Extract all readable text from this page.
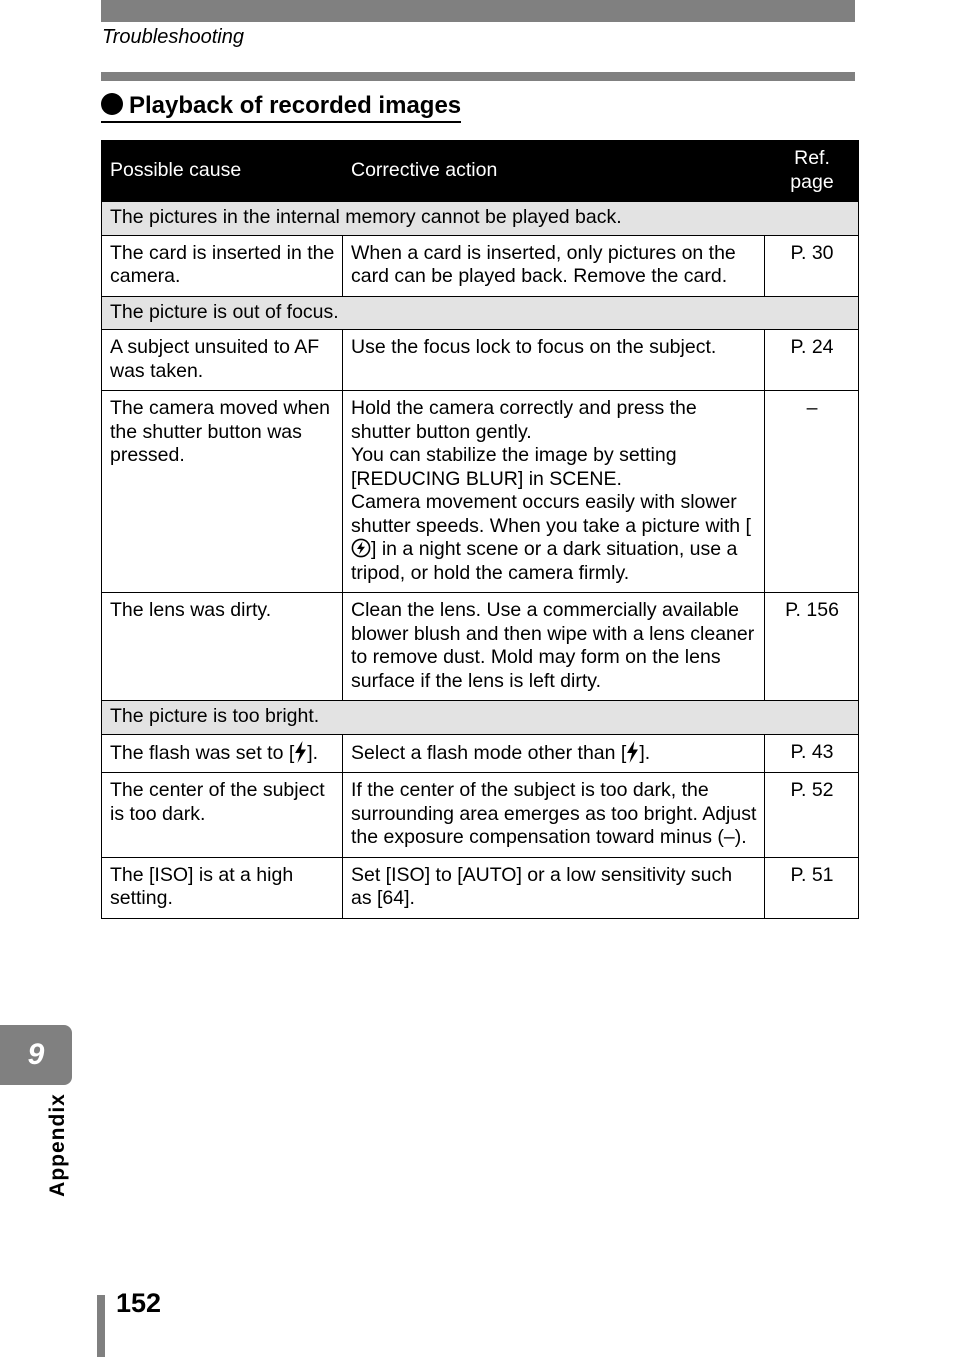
Troubleshooting
Playback of recorded images
Possible cause	Corrective action	Ref.
page

The pictures in the internal memory cannot be played back.		
The card is inserted in the camera.	When a card is inserted, only pictures on the card can be played back. Remove the card.	P. 30
The picture is out of focus.		
A subject unsuited to AF was taken.	Use the focus lock to focus on the subject.	P. 24
The camera moved when the shutter button was pressed.	Hold the camera correctly and press the shutter button gently.
You can stabilize the image by setting [REDUCING BLUR] in SCENE.
Camera movement occurs easily with slower shutter speeds. When you take a picture with [] in a night scene or a dark situation, use a tripod, or hold the camera firmly.	–
The lens was dirty.	Clean the lens. Use a commercially available blower blush and then wipe with a lens cleaner to remove dust. Mold may form on the lens surface if the lens is left dirty.	P. 156
The picture is too bright.		
The flash was set to [ ].	Select a flash mode other than [ ].	P. 43
The center of the subject is too dark.	If the center of the subject is too dark, the surrounding area emerges as too bright. Adjust the exposure compensation toward minus (–).	P. 52
The [ISO] is at a high setting.	Set [ISO] to [AUTO] or a low sensitivity such as [64].	P. 51
9
Appendix
152
